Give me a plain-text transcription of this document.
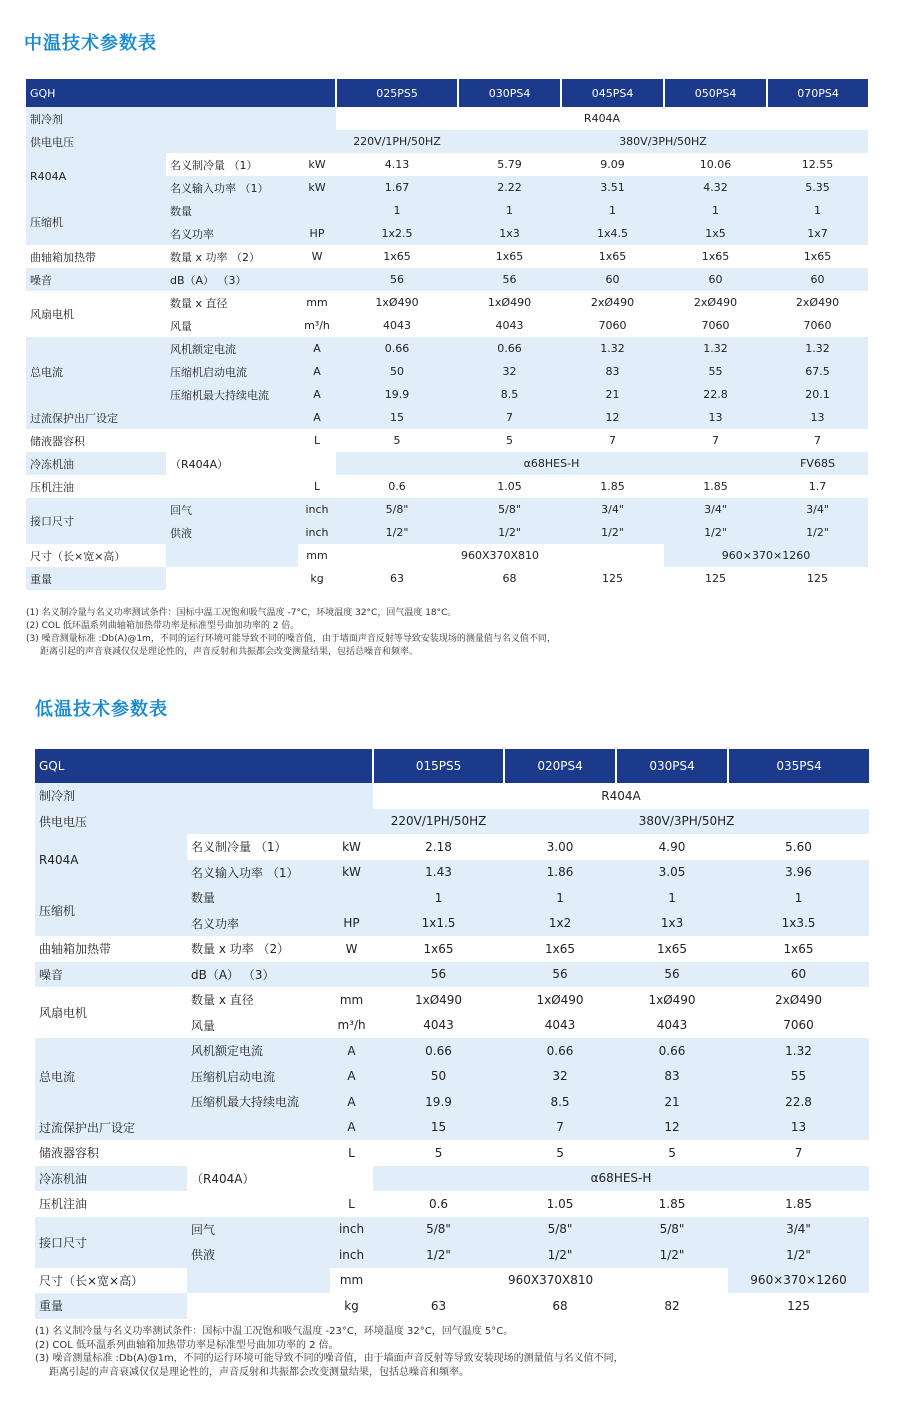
中温技术参数表
GQH			025PS5	030PS4	045PS4	050PS4	070PS4
制冷剂			R404A				
供电电压			220V/1PH/50HZ	380V/3PH/50HZ			
R404A	名义制冷量 （1）	kW	4.13	5.79	9.09	10.06	12.55
	名义输入功率 （1）	kW	1.67	2.22	3.51	4.32	5.35
压缩机	数量		1	1	1	1	1
	名义功率	HP	1x2.5	1x3	1x4.5	1x5	1x7
曲轴箱加热带	数量 x 功率 （2）	W	1x65	1x65	1x65	1x65	1x65
噪音	dB（A） （3）		56	56	60	60	60
风扇电机	数量 x 直径	mm	1xØ490	1xØ490	2xØ490	2xØ490	2xØ490
	风量	m³/h	4043	4043	7060	7060	7060
总电流	风机额定电流	A	0.66	0.66	1.32	1.32	1.32
	压缩机启动电流	A	50	32	83	55	67.5
	压缩机最大持续电流	A	19.9	8.5	21	22.8	20.1
过流保护出厂设定		A	15	7	12	13	13
储液器容积		L	5	5	7	7	7
冷冻机油	（R404A）		α68HES-H				FV68S
压机注油		L	0.6	1.05	1.85	1.85	1.7
接口尺寸	回气	inch	5/8"	5/8"	3/4"	3/4"	3/4"
	供液	inch	1/2"	1/2"	1/2"	1/2"	1/2"
尺寸（长×宽×高）		mm	960X370X810			960×370×1260	
重量		kg	63	68	125	125	125
(1) 名义制冷量与名义功率测试条件：国标中温工况饱和吸气温度 -7°C，环境温度 32°C，回气温度 18°C。
(2) COL 低环温系列曲轴箱加热带功率是标准型号曲加功率的 2 倍。
(3) 噪音测量标准 :Db(A)@1m，不同的运行环境可能导致不同的噪音值，由于墙面声音反射等导致安装现场的测量值与名义值不同，
距离引起的声音衰减仅仅是理论性的，声音反射和共振都会改变测量结果，包括总噪音和频率。
低温技术参数表
GQL			015PS5	020PS4	030PS4	035PS4
制冷剂			R404A			
供电电压			220V/1PH/50HZ	380V/3PH/50HZ		
R404A	名义制冷量 （1）	kW	2.18	3.00	4.90	5.60
	名义输入功率 （1）	kW	1.43	1.86	3.05	3.96
压缩机	数量		1	1	1	1
	名义功率	HP	1x1.5	1x2	1x3	1x3.5
曲轴箱加热带	数量 x 功率 （2）	W	1x65	1x65	1x65	1x65
噪音	dB（A） （3）		56	56	56	60
风扇电机	数量 x 直径	mm	1xØ490	1xØ490	1xØ490	2xØ490
	风量	m³/h	4043	4043	4043	7060
总电流	风机额定电流	A	0.66	0.66	0.66	1.32
	压缩机启动电流	A	50	32	83	55
	压缩机最大持续电流	A	19.9	8.5	21	22.8
过流保护出厂设定		A	15	7	12	13
储液器容积		L	5	5	5	7
冷冻机油	（R404A）		α68HES-H			
压机注油		L	0.6	1.05	1.85	1.85
接口尺寸	回气	inch	5/8"	5/8"	5/8"	3/4"
	供液	inch	1/2"	1/2"	1/2"	1/2"
尺寸（长×宽×高）		mm	960X370X810			960×370×1260
重量		kg	63	68	82	125
(1) 名义制冷量与名义功率测试条件：国标中温工况饱和吸气温度 -23°C，环境温度 32°C，回气温度 5°C。
(2) COL 低环温系列曲轴箱加热带功率是标准型号曲加功率的 2 倍。
(3) 噪音测量标准 :Db(A)@1m，不同的运行环境可能导致不同的噪音值，由于墙面声音反射等导致安装现场的测量值与名义值不同，
距离引起的声音衰减仅仅是理论性的，声音反射和共振都会改变测量结果，包括总噪音和频率。
